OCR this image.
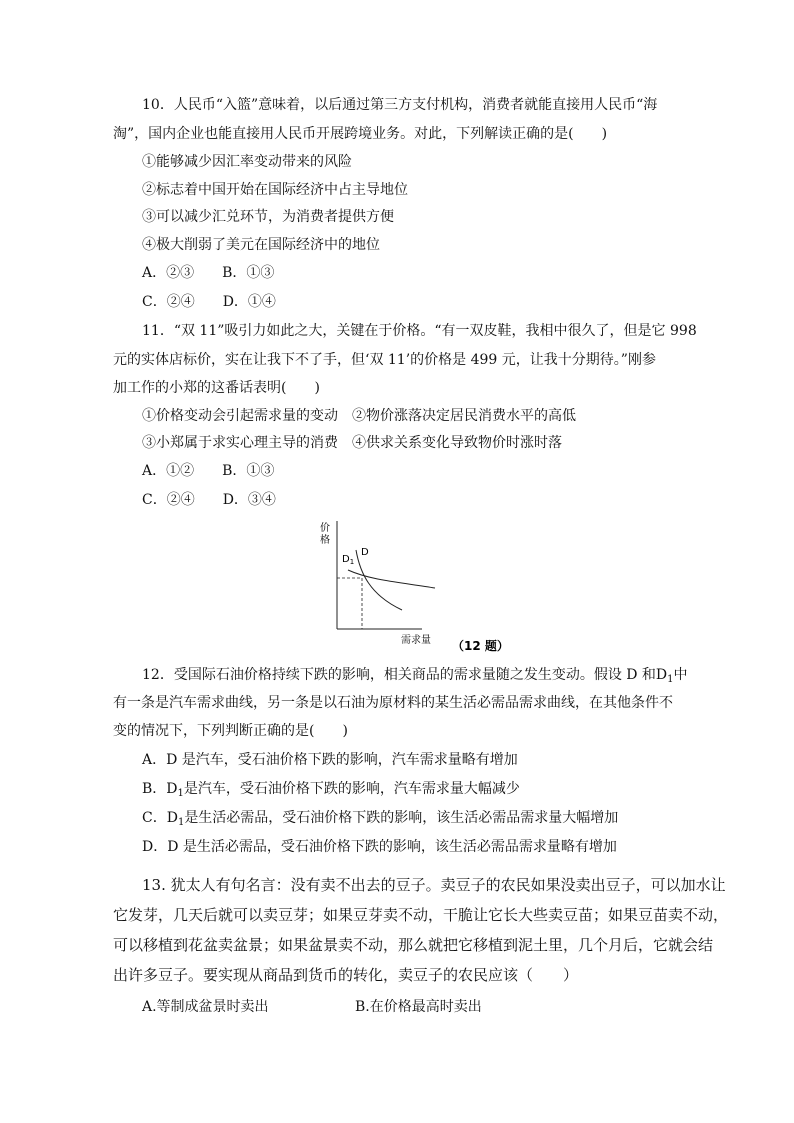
10．人民币“入篮”意味着，以后通过第三方支付机构，消费者就能直接用人民币“海
淘”，国内企业也能直接用人民币开展跨境业务。对此，下列解读正确的是(　　)
①能够减少因汇率变动带来的风险
②标志着中国开始在国际经济中占主导地位
③可以减少汇兑环节，为消费者提供方便
④极大削弱了美元在国际经济中的地位
A．②③　　B．①③
C．②④　　D．①④
11．“双 11”吸引力如此之大，关键在于价格。“有一双皮鞋，我相中很久了，但是它 998
元的实体店标价，实在让我下不了手，但‘双 11’的价格是 499 元，让我十分期待。”刚参
加工作的小郑的这番话表明(　　)
①价格变动会引起需求量的变动　②物价涨落决定居民消费水平的高低
③小郑属于求实心理主导的消费　④供求关系变化导致物价时涨时落
A．①②　　B．①③
C．②④　　D．③④
价
格
$D_1$
D
需求量 （12 题）
12．受国际石油价格持续下跌的影响，相关商品的需求量随之发生变动。假设 D 和$D_1$中
有一条是汽车需求曲线，另一条是以石油为原材料的某生活必需品需求曲线，在其他条件不
变的情况下，下列判断正确的是(　　)
A．D 是汽车，受石油价格下跌的影响，汽车需求量略有增加
B．$D_1$是汽车，受石油价格下跌的影响，汽车需求量大幅减少
C．$D_1$是生活必需品，受石油价格下跌的影响，该生活必需品需求量大幅增加
D．D 是生活必需品，受石油价格下跌的影响，该生活必需品需求量略有增加
13. 犹太人有句名言：没有卖不出去的豆子。卖豆子的农民如果没卖出豆子，可以加水让
它发芽，几天后就可以卖豆芽；如果豆芽卖不动，干脆让它长大些卖豆苗；如果豆苗卖不动，
可以移植到花盆卖盆景；如果盆景卖不动，那么就把它移植到泥土里，几个月后，它就会结
出许多豆子。要实现从商品到货币的转化，卖豆子的农民应该（　　）
A.等制成盆景时卖出	B.在价格最高时卖出
